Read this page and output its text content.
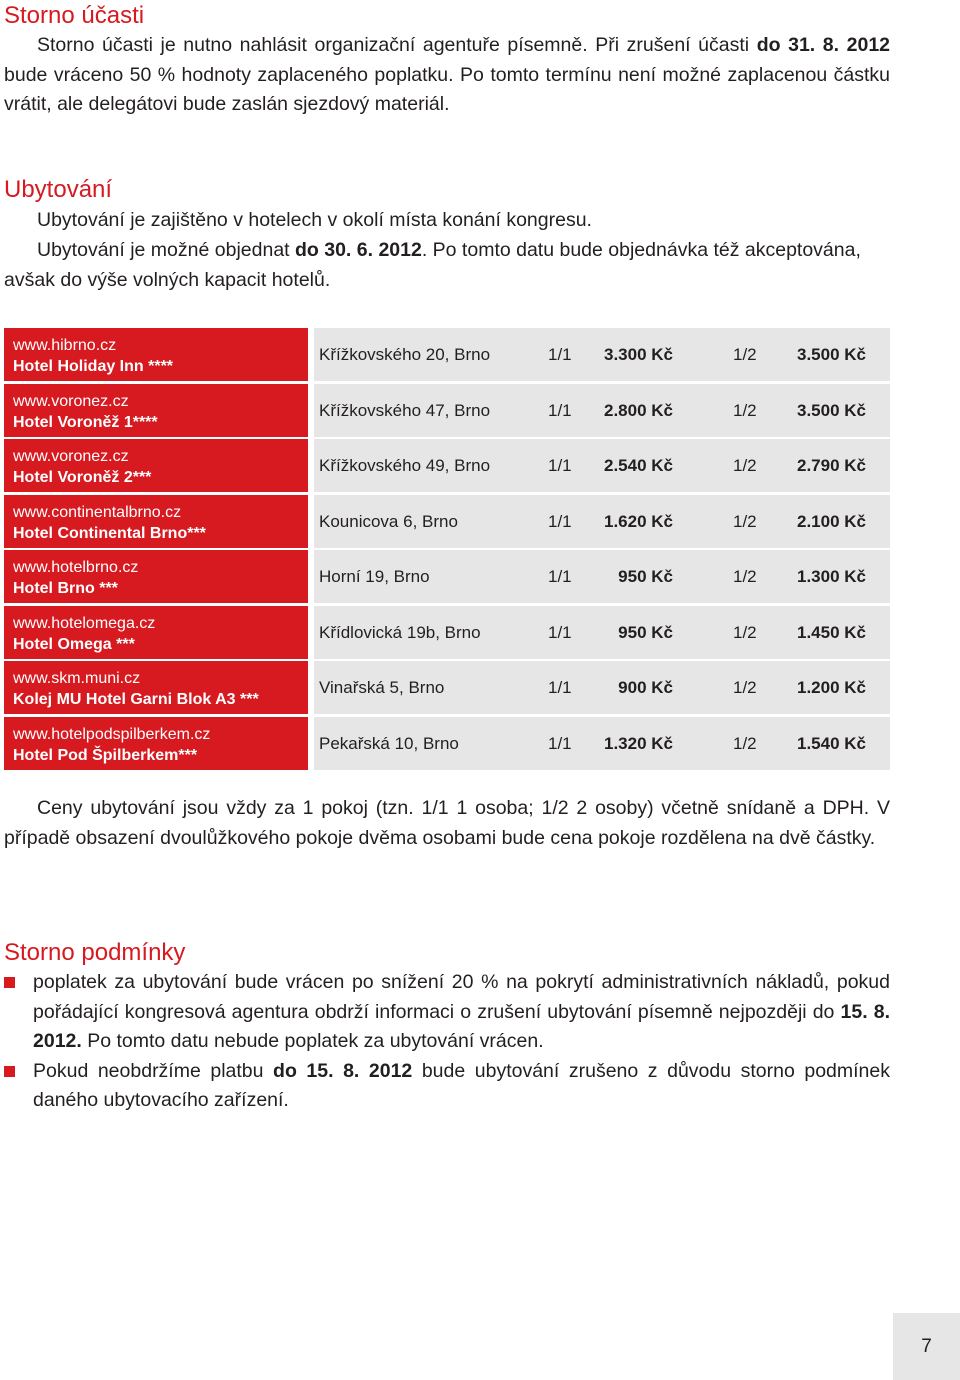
Storno účasti

Storno účasti je nutno nahlásit organizační agentuře písemně. Při zrušení účasti do 31. 8. 2012 bude vráceno 50 % hodnoty zaplaceného poplatku. Po tomto termínu není možné zaplacenou částku vrátit, ale delegátovi bude zaslán sjezdový materiál.

Ubytování

Ubytování je zajištěno v hotelech v okolí místa konání kongresu.

Ubytování je možné objednat do 30. 6. 2012. Po tomto datu bude objednávka též akceptována, avšak do výše volných kapacit hotelů.

www.hibrno.cz
Hotel Holiday Inn ****
Křížkovského 20, Brno	1/1 3.300 Kč	1/2 3.500 Kč
www.voronez.cz
Hotel Voroněž 1****
Křížkovského 47, Brno	1/1 2.800 Kč	1/2 3.500 Kč
www.voronez.cz
Hotel Voroněž 2***
Křížkovského 49, Brno	1/1 2.540 Kč	1/2 2.790 Kč
www.continentalbrno.cz
Hotel Continental Brno***
Kounicova 6, Brno	1/1 1.620 Kč	1/2 2.100 Kč
www.hotelbrno.cz
Hotel Brno ***
Horní 19, Brno	1/1	950 Kč	1/2 1.300 Kč
www.hotelomega.cz
Hotel Omega ***
Křídlovická 19b, Brno	1/1	950 Kč	1/2 1.450 Kč
www.skm.muni.cz
Kolej MU Hotel Garni Blok A3 ***
Vinařská 5, Brno	1/1	900 Kč	1/2 1.200 Kč
www.hotelpodspilberkem.cz
Hotel Pod Špilberkem***
Pekařská 10, Brno	1/1 1.320 Kč	1/2 1.540 Kč

Ceny ubytování jsou vždy za 1 pokoj (tzn. 1/1 1 osoba; 1/2 2 osoby) včetně snídaně a DPH. V případě obsazení dvoulůžkového pokoje dvěma osobami bude cena pokoje rozdělena na dvě částky.

Storno podmínky

poplatek za ubytování bude vrácen po snížení 20 % na pokrytí administrativních nákladů, pokud pořádající kongresová agentura obdrží informaci o zrušení ubytování písemně nejpozději do 15. 8. 2012. Po tomto datu nebude poplatek za ubytování vrácen.

Pokud neobdržíme platbu do 15. 8. 2012 bude ubytování zrušeno z důvodu storno podmínek daného ubytovacího zařízení.

7
